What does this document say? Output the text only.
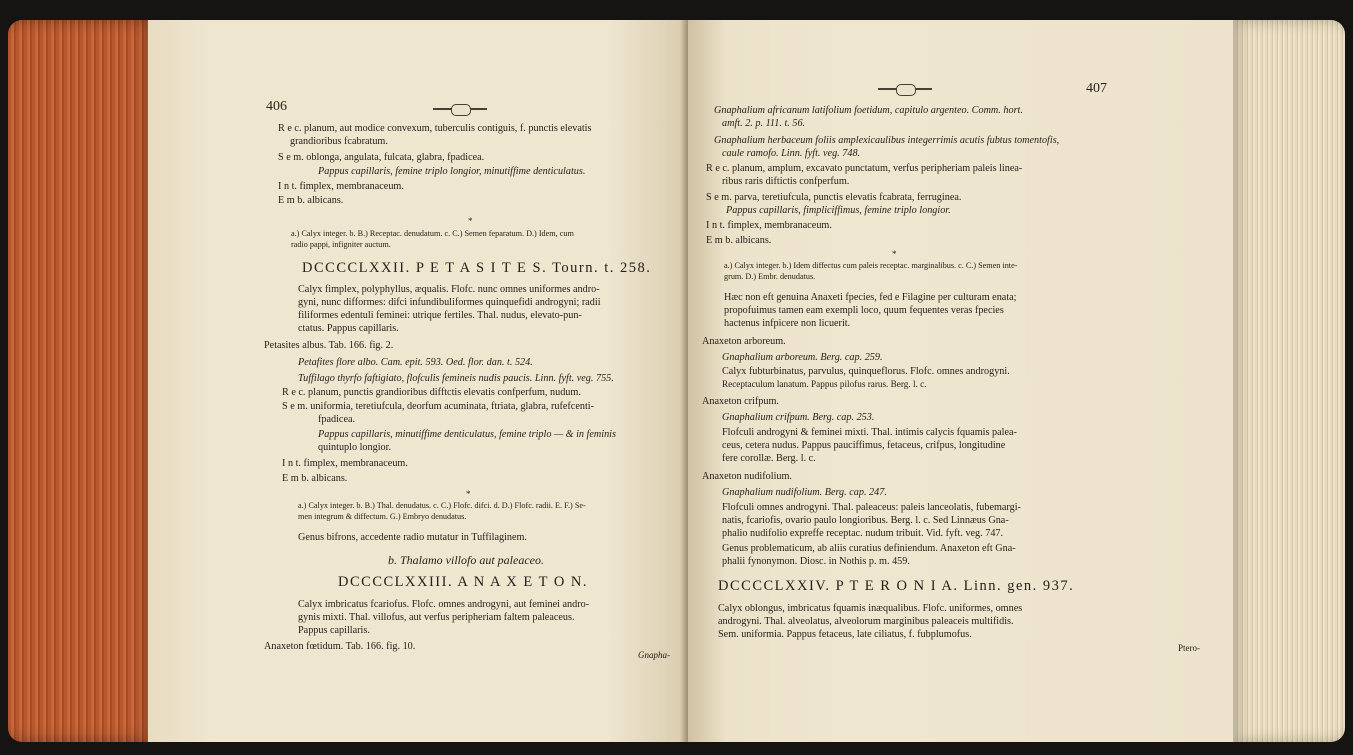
406
R e c. planum, aut modice convexum, tuberculis contiguis, f. punctis elevatis
grandioribus fcabratum.
S e m. oblonga, angulata, fulcata, glabra, fpadicea.
Pappus capillaris, femine triplo longior, minutiffime denticulatus.
I n t. fimplex, membranaceum.
E m b. albicans.
*
a.) Calyx integer. b. B.) Receptac. denudatum. c. C.) Semen feparatum. D.) Idem, cum
radio pappi, infigniter auctum.
DCCCCLXXII. P E T A S I T E S. Tourn. t. 258.
Calyx fimplex, polyphyllus, æqualis. Flofc. nunc omnes uniformes andro-
gyni, nunc difformes: difci infundibuliformes quinquefidi androgyni; radii
filiformes edentuli feminei: utrique fertiles. Thal. nudus, elevato-pun-
ctatus. Pappus capillaris.
Petasites albus. Tab. 166. fig. 2.
Petafites flore albo. Cam. epit. 593. Oed. flor. dan. t. 524.
Tuffilago thyrfo faftigiato, flofculis femineis nudis paucis. Linn. fyft. veg. 755.
R e c. planum, punctis grandioribus difftctis elevatis confperfum, nudum.
S e m. uniformia, teretiufcula, deorfum acuminata, ftriata, glabra, rufefcenti-
fpadicea.
Pappus capillaris, minutiffime denticulatus, femine triplo — & in feminis
quintuplo longior.
I n t. fimplex, membranaceum.
E m b. albicans.
*
a.) Calyx integer. b. B.) Thal. denudatus. c. C.) Flofc. difci. d. D.) Flofc. radii. E. F.) Se-
men integrum & diffectum. G.) Embryo denudatus.
Genus bifrons, accedente radio mutatur in Tuffilaginem.
b. Thalamo villofo aut paleaceo.
DCCCCLXXIII. A N A X E T O N.
Calyx imbricatus fcariofus. Flofc. omnes androgyni, aut feminei andro-
gynis mixti. Thal. villofus, aut verfus peripheriam faltem paleaceus.
Pappus capillaris.
Anaxeton fœtidum. Tab. 166. fig. 10.
Gnapha-
407
Gnaphalium africanum latifolium foetidum, capitulo argenteo. Comm. hort.
amft. 2. p. 111. t. 56.
Gnaphalium herbaceum foliis amplexicaulibus integerrimis acutis fubtus tomentofis,
caule ramofo. Linn. fyft. veg. 748.
R e c. planum, amplum, excavato punctatum, verfus peripheriam paleis linea-
ribus raris diftictis confperfum.
S e m. parva, teretiufcula, punctis elevatis fcabrata, ferruginea.
Pappus capillaris, fimpliciffimus, femine triplo longior.
I n t. fimplex, membranaceum.
E m b. albicans.
*
a.) Calyx integer. b.) Idem diffectus cum paleis receptac. marginalibus. c. C.) Semen inte-
grum. D.) Embr. denudatus.
Hæc non eft genuina Anaxeti fpecies, fed e Filagine per culturam enata;
propofuimus tamen eam exempli loco, quum fequentes veras fpecies
hactenus infpicere non licuerit.
Anaxeton arboreum.
Gnaphalium arboreum. Berg. cap. 259.
Calyx fubturbinatus, parvulus, quinqueflorus. Flofc. omnes androgyni.
Receptaculum lanatum. Pappus pilofus rarus. Berg. l. c.
Anaxeton crifpum.
Gnaphalium crifpum. Berg. cap. 253.
Flofculi androgyni & feminei mixti. Thal. intimis calycis fquamis palea-
ceus, cetera nudus. Pappus pauciffimus, fetaceus, crifpus, longitudine
fere corollæ. Berg. l. c.
Anaxeton nudifolium.
Gnaphalium nudifolium. Berg. cap. 247.
Flofculi omnes androgyni. Thal. paleaceus: paleis lanceolatis, fubemargi-
natis, fcariofis, ovario paulo longioribus. Berg. l. c. Sed Linnæus Gna-
phalio nudifolio expreffe receptac. nudum tribuit. Vid. fyft. veg. 747.
Genus problematicum, ab aliis curatius definiendum. Anaxeton eft Gna-
phalii fynonymon. Diosc. in Nothis p. m. 459.
DCCCCLXXIV. P T E R O N I A. Linn. gen. 937.
Calyx oblongus, imbricatus fquamis inæqualibus. Flofc. uniformes, omnes
androgyni. Thal. alveolatus, alveolorum marginibus paleaceis multifidis.
Sem. uniformia. Pappus fetaceus, late ciliatus, f. fubplumofus.
Ptero-
